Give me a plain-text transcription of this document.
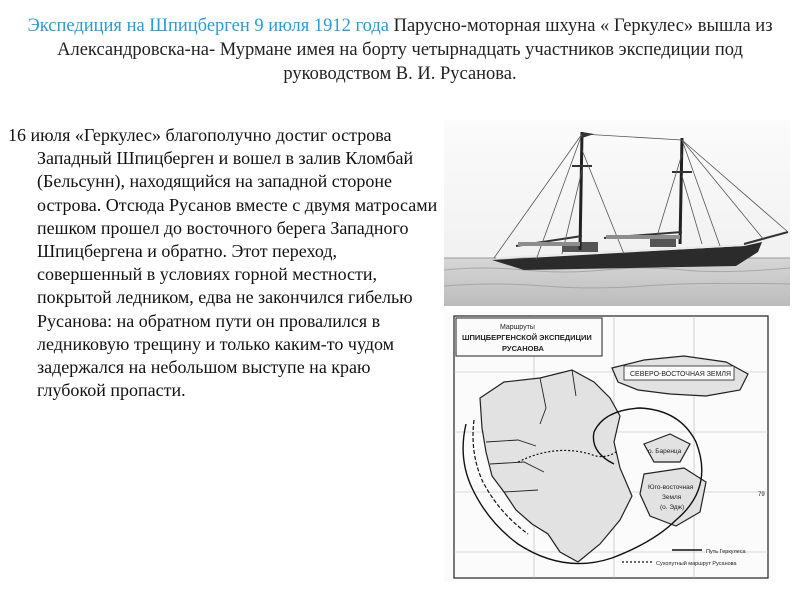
Экспедиция на Шпицберген 9 июля 1912 года Парусно-моторная шхуна « Геркулес» вышла из Александровска-на- Мурмане имея на борту четырнадцать участников экспедиции под руководством В. И. Русанова.

16 июля «Геркулес» благополучно достиг острова Западный Шпицберген и вошел в залив Кломбай (Бельсунн), находящийся на западной стороне острова. Отсюда Русанов вместе с двумя матросами пешком прошел до восточного берега Западного Шпицбергена и обратно. Этот переход, совершенный в условиях горной местности, покрытой ледником, едва не закончился гибелью Русанова: на обратном пути он провалился в ледниковую трещину и только каким-то чудом задержался на небольшом выступе на краю глубокой пропасти.

Маршруты
ШПИЦБЕРГЕНСКОЙ ЭКСПЕДИЦИИ
РУСАНОВА
СЕВЕРО-ВОСТОЧНАЯ ЗЕМЛЯ
о. Баренца
Юго-восточная
Земля
(о. Эдж)
Путь Геркулеса
Сухопутный маршрут Русанова
79
